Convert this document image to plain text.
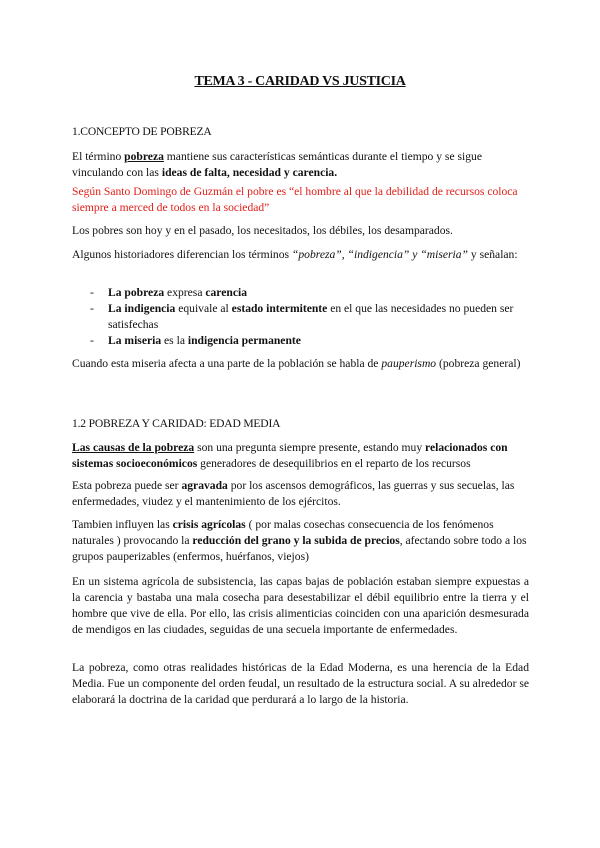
TEMA 3 - CARIDAD VS JUSTICIA
1.CONCEPTO DE POBREZA

El término pobreza mantiene sus características semánticas durante el tiempo y se sigue vinculando con las ideas de falta, necesidad y carencia.

Según Santo Domingo de Guzmán el pobre es “el hombre al que la debilidad de recursos coloca siempre a merced de todos en la sociedad”

Los pobres son hoy y en el pasado, los necesitados, los débiles, los desamparados.

Algunos historiadores diferencian los términos “pobreza”, “indigencia” y “miseria” y señalan:

- La pobreza expresa carencia
- La indigencia equivale al estado intermitente en el que las necesidades no pueden ser satisfechas
- La miseria es la indigencia permanente

Cuando esta miseria afecta a una parte de la población se habla de pauperismo (pobreza general)

1.2 POBREZA Y CARIDAD: EDAD MEDIA

Las causas de la pobreza son una pregunta siempre presente, estando muy relacionados con sistemas socioeconómicos generadores de desequilibrios en el reparto de los recursos

Esta pobreza puede ser agravada por los ascensos demográficos, las guerras y sus secuelas, las enfermedades, viudez y el mantenimiento de los ejércitos.

Tambien influyen las crisis agrícolas ( por malas cosechas consecuencia de los fenómenos naturales ) provocando la reducción del grano y la subida de precios, afectando sobre todo a los grupos pauperizables (enfermos, huérfanos, viejos)

En un sistema agrícola de subsistencia, las capas bajas de población estaban siempre expuestas a la carencia y bastaba una mala cosecha para desestabilizar el débil equilibrio entre la tierra y el hombre que vive de ella. Por ello, las crisis alimenticias coinciden con una aparición desmesurada de mendigos en las ciudades, seguidas de una secuela importante de enfermedades.

La pobreza, como otras realidades históricas de la Edad Moderna, es una herencia de la Edad Media. Fue un componente del orden feudal, un resultado de la estructura social. A su alrededor se elaborará la doctrina de la caridad que perdurará a lo largo de la historia.
